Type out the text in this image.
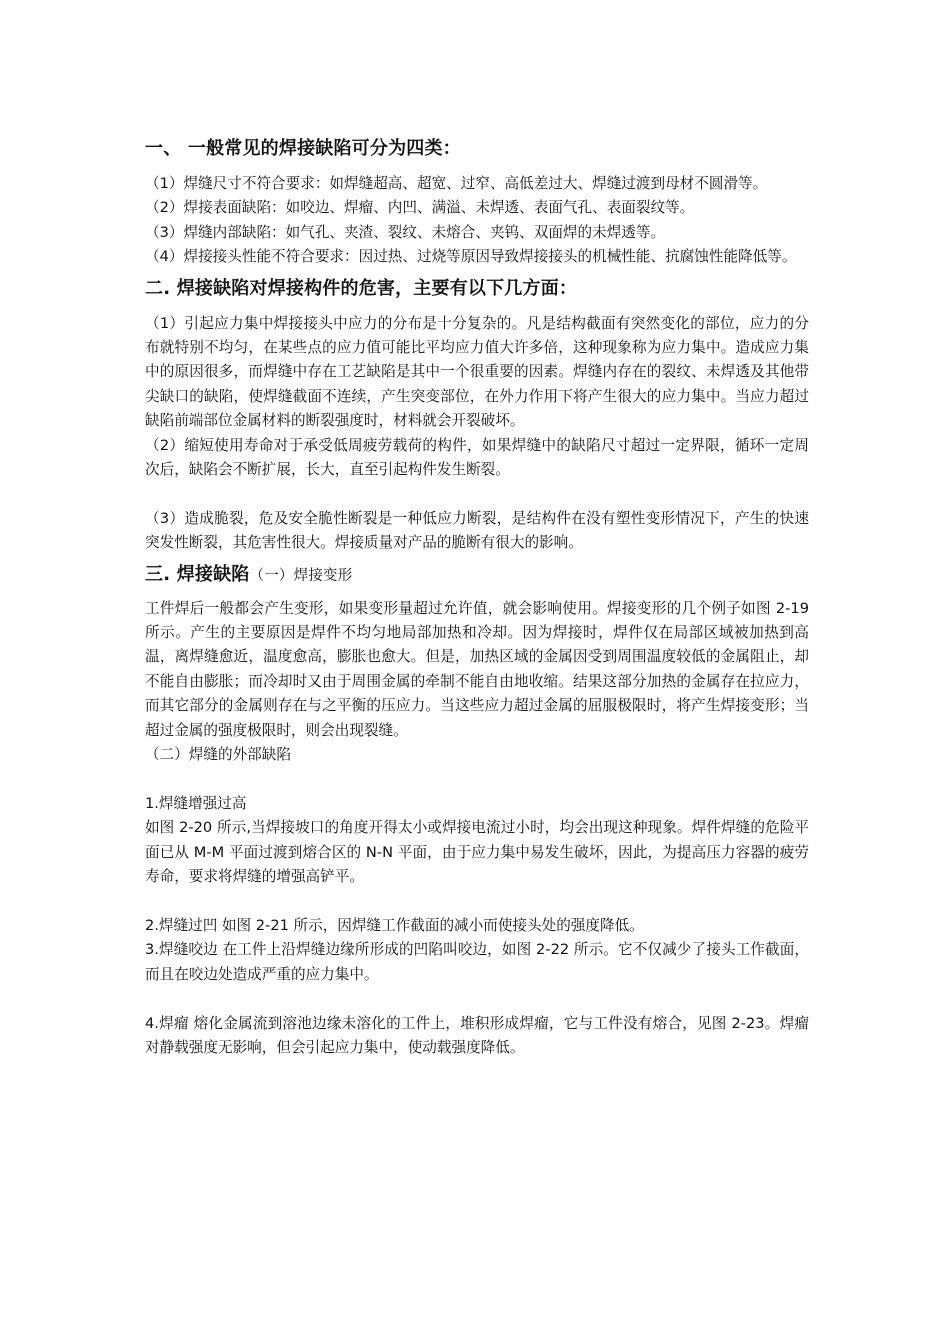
一、 一般常见的焊接缺陷可分为四类：

（1）焊缝尺寸不符合要求：如焊缝超高、超宽、过窄、高低差过大、焊缝过渡到母材不圆滑等。

（2）焊接表面缺陷：如咬边、焊瘤、内凹、满溢、未焊透、表面气孔、表面裂纹等。

（3）焊缝内部缺陷：如气孔、夹渣、裂纹、未熔合、夹钨、双面焊的未焊透等。

（4）焊接接头性能不符合要求：因过热、过烧等原因导致焊接接头的机械性能、抗腐蚀性能降低等。

二. 焊接缺陷对焊接构件的危害，主要有以下几方面：

（1）引起应力集中焊接接头中应力的分布是十分复杂的。凡是结构截面有突然变化的部位，应力的分布就特别不均匀，在某些点的应力值可能比平均应力值大许多倍，这种现象称为应力集中。造成应力集中的原因很多，而焊缝中存在工艺缺陷是其中一个很重要的因素。焊缝内存在的裂纹、未焊透及其他带尖缺口的缺陷，使焊缝截面不连续，产生突变部位，在外力作用下将产生很大的应力集中。当应力超过缺陷前端部位金属材料的断裂强度时，材料就会开裂破坏。

（2）缩短使用寿命对于承受低周疲劳载荷的构件，如果焊缝中的缺陷尺寸超过一定界限，循环一定周次后，缺陷会不断扩展，长大，直至引起构件发生断裂。

（3）造成脆裂，危及安全脆性断裂是一种低应力断裂，是结构件在没有塑性变形情况下，产生的快速突发性断裂，其危害性很大。焊接质量对产品的脆断有很大的影响。

三. 焊接缺陷（一）焊接变形

工件焊后一般都会产生变形，如果变形量超过允许值，就会影响使用。焊接变形的几个例子如图 2-19 所示。产生的主要原因是焊件不均匀地局部加热和冷却。因为焊接时，焊件仅在局部区域被加热到高温，离焊缝愈近，温度愈高，膨胀也愈大。但是，加热区域的金属因受到周围温度较低的金属阻止，却不能自由膨胀；而冷却时又由于周围金属的牵制不能自由地收缩。结果这部分加热的金属存在拉应力，而其它部分的金属则存在与之平衡的压应力。当这些应力超过金属的屈服极限时，将产生焊接变形；当超过金属的强度极限时，则会出现裂缝。

（二）焊缝的外部缺陷

1.焊缝增强过高

如图 2-20 所示,当焊接坡口的角度开得太小或焊接电流过小时，均会出现这种现象。焊件焊缝的危险平面已从 M-M 平面过渡到熔合区的 N-N 平面，由于应力集中易发生破坏，因此，为提高压力容器的疲劳寿命，要求将焊缝的增强高铲平。

2.焊缝过凹 如图 2-21 所示，因焊缝工作截面的减小而使接头处的强度降低。

3.焊缝咬边 在工件上沿焊缝边缘所形成的凹陷叫咬边，如图 2-22 所示。它不仅减少了接头工作截面，而且在咬边处造成严重的应力集中。

4.焊瘤 熔化金属流到溶池边缘未溶化的工件上，堆积形成焊瘤，它与工件没有熔合，见图 2-23。焊瘤对静载强度无影响，但会引起应力集中，使动载强度降低。
